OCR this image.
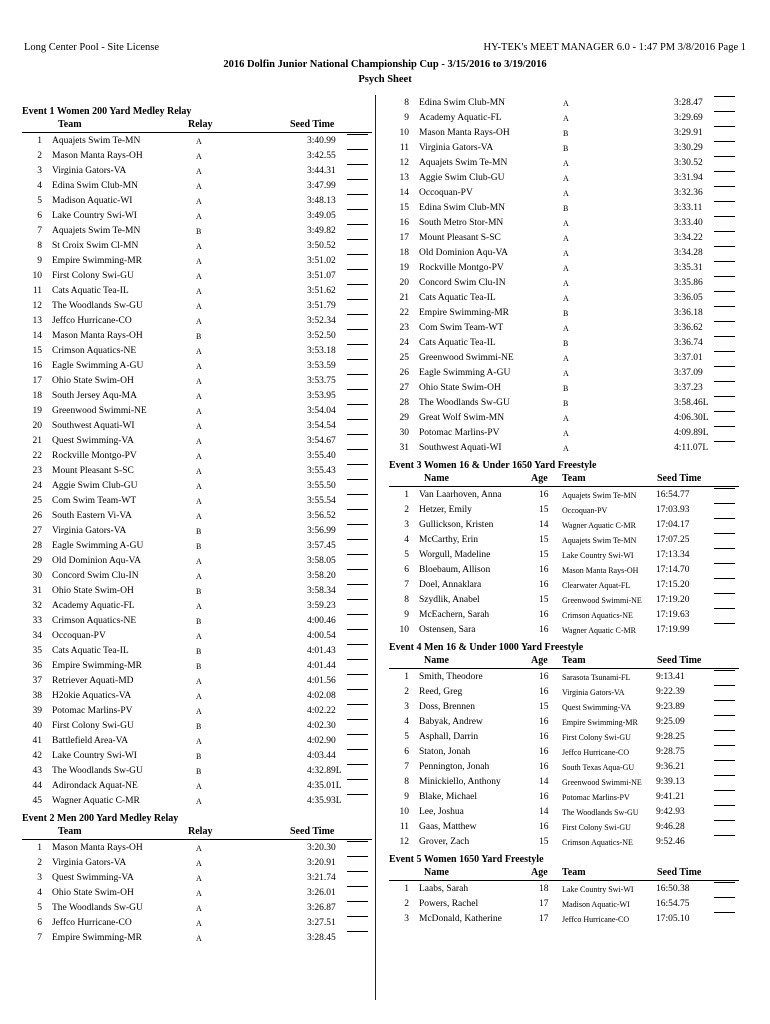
Long Center Pool - Site License	HY-TEK's MEET MANAGER 6.0 - 1:47 PM 3/8/2016 Page 1
2016 Dolfin Junior National Championship Cup - 3/15/2016 to 3/19/2016
Psych Sheet
Event 1 Women 200 Yard Medley Relay
Team	Relay	Seed Time
1 Aquajets Swim Te-MN	A	3:40.99
2 Mason Manta Rays-OH	A	3:42.55
3 Virginia Gators-VA	A	3:44.31
4 Edina Swim Club-MN	A	3:47.99
5 Madison Aquatic-WI	A	3:48.13
6 Lake Country Swi-WI	A	3:49.05
7 Aquajets Swim Te-MN	B	3:49.82
8 St Croix Swim Cl-MN	A	3:50.52
9 Empire Swimming-MR	A	3:51.02
10 First Colony Swi-GU	A	3:51.07
11 Cats Aquatic Tea-IL	A	3:51.62
12 The Woodlands Sw-GU	A	3:51.79
13 Jeffco Hurricane-CO	A	3:52.34
14 Mason Manta Rays-OH	B	3:52.50
15 Crimson Aquatics-NE	A	3:53.18
16 Eagle Swimming A-GU	A	3:53.59
17 Ohio State Swim-OH	A	3:53.75
18 South Jersey Aqu-MA	A	3:53.95
19 Greenwood Swimmi-NE	A	3:54.04
20 Southwest Aquati-WI	A	3:54.54
21 Quest Swimming-VA	A	3:54.67
22 Rockville Montgo-PV	A	3:55.40
23 Mount Pleasant S-SC	A	3:55.43
24 Aggie Swim Club-GU	A	3:55.50
25 Com Swim Team-WT	A	3:55.54
26 South Eastern Vi-VA	A	3:56.52
27 Virginia Gators-VA	B	3:56.99
28 Eagle Swimming A-GU	B	3:57.45
29 Old Dominion Aqu-VA	A	3:58.05
30 Concord Swim Clu-IN	A	3:58.20
31 Ohio State Swim-OH	B	3:58.34
32 Academy Aquatic-FL	A	3:59.23
33 Crimson Aquatics-NE	B	4:00.46
34 Occoquan-PV	A	4:00.54
35 Cats Aquatic Tea-IL	B	4:01.43
36 Empire Swimming-MR	B	4:01.44
37 Retriever Aquati-MD	A	4:01.56
38 H2okie Aquatics-VA	A	4:02.08
39 Potomac Marlins-PV	A	4:02.22
40 First Colony Swi-GU	B	4:02.30
41 Battlefield Area-VA	A	4:02.90
42 Lake Country Swi-WI	B	4:03.44
43 The Woodlands Sw-GU	B	4:32.89L
44 Adirondack Aquat-NE	A	4:35.01L
45 Wagner Aquatic C-MR	A	4:35.93L
Event 2 Men 200 Yard Medley Relay
Team	Relay	Seed Time
1 Mason Manta Rays-OH	A	3:20.30
2 Virginia Gators-VA	A	3:20.91
3 Quest Swimming-VA	A	3:21.74
4 Ohio State Swim-OH	A	3:26.01
5 The Woodlands Sw-GU	A	3:26.87
6 Jeffco Hurricane-CO	A	3:27.51
7 Empire Swimming-MR	A	3:28.45
8 Edina Swim Club-MN	A	3:28.47
9 Academy Aquatic-FL	A	3:29.69
10 Mason Manta Rays-OH	B	3:29.91
11 Virginia Gators-VA	B	3:30.29
12 Aquajets Swim Te-MN	A	3:30.52
13 Aggie Swim Club-GU	A	3:31.94
14 Occoquan-PV	A	3:32.36
15 Edina Swim Club-MN	B	3:33.11
16 South Metro Stor-MN	A	3:33.40
17 Mount Pleasant S-SC	A	3:34.22
18 Old Dominion Aqu-VA	A	3:34.28
19 Rockville Montgo-PV	A	3:35.31
20 Concord Swim Clu-IN	A	3:35.86
21 Cats Aquatic Tea-IL	A	3:36.05
22 Empire Swimming-MR	B	3:36.18
23 Com Swim Team-WT	A	3:36.62
24 Cats Aquatic Tea-IL	B	3:36.74
25 Greenwood Swimmi-NE	A	3:37.01
26 Eagle Swimming A-GU	A	3:37.09
27 Ohio State Swim-OH	B	3:37.23
28 The Woodlands Sw-GU	B	3:58.46L
29 Great Wolf Swim-MN	A	4:06.30L
30 Potomac Marlins-PV	A	4:09.89L
31 Southwest Aquati-WI	A	4:11.07L
Event 3 Women 16 & Under 1650 Yard Freestyle
Name	Age Team	Seed Time
1 Van Laarhoven, Anna	16 Aquajets Swim Te-MN 16:54.77
2 Hetzer, Emily	15 Occoquan-PV	17:03.93
3 Gullickson, Kristen	14 Wagner Aquatic C-MR 17:04.17
4 McCarthy, Erin	15 Aquajets Swim Te-MN 17:07.25
5 Worgull, Madeline	15 Lake Country Swi-WI 17:13.34
6 Bloebaum, Allison	16 Mason Manta Rays-OH 17:14.70
7 Doel, Annaklara	16 Clearwater Aquat-FL	17:15.20
8 Szydlik, Anabel	15 Greenwood Swimmi-NE 17:19.20
9 McEachern, Sarah	16 Crimson Aquatics-NE 17:19.63
10 Ostensen, Sara	16 Wagner Aquatic C-MR 17:19.99
Event 4 Men 16 & Under 1000 Yard Freestyle
Name	Age Team	Seed Time
1 Smith, Theodore	16 Sarasota Tsunami-FL	9:13.41
2 Reed, Greg	16 Virginia Gators-VA	9:22.39
3 Doss, Brennen	15 Quest Swimming-VA	9:23.89
4 Babyak, Andrew	16 Empire Swimming-MR 9:25.09
5 Asphall, Darrin	16 First Colony Swi-GU	9:28.25
6 Staton, Jonah	16 Jeffco Hurricane-CO	9:28.75
7 Pennington, Jonah	16 South Texas Aqua-GU 9:36.21
8 Minickiello, Anthony	14 Greenwood Swimmi-NE 9:39.13
9 Blake, Michael	16 Potomac Marlins-PV	9:41.21
10 Lee, Joshua	14 The Woodlands Sw-GU 9:42.93
11 Gaas, Matthew	16 First Colony Swi-GU	9:46.28
12 Grover, Zach	15 Crimson Aquatics-NE 9:52.46
Event 5 Women 1650 Yard Freestyle
Name	Age Team	Seed Time
1 Laabs, Sarah	18 Lake Country Swi-WI 16:50.38
2 Powers, Rachel	17 Madison Aquatic-WI	16:54.75
3 McDonald, Katherine	17 Jeffco Hurricane-CO	17:05.10
